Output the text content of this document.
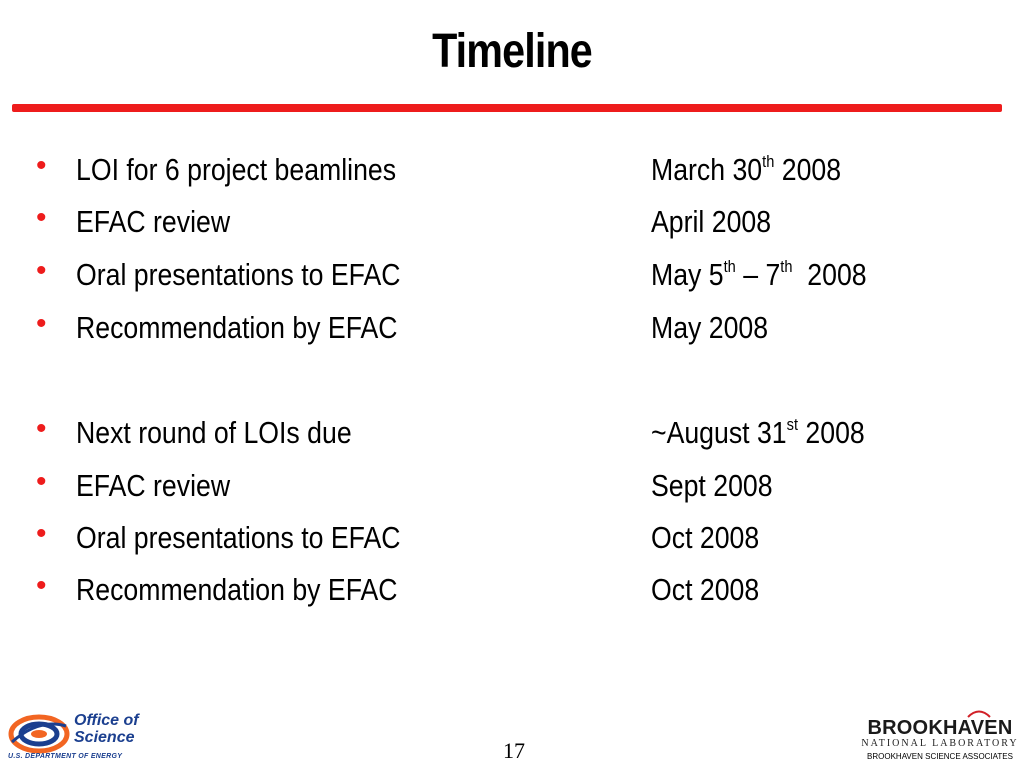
Timeline
• LOI for 6 project beamlines	March 30th 2008
• EFAC review	April 2008
• Oral presentations to EFAC	May 5th – 7th  2008
• Recommendation by EFAC	May 2008
• Next round of LOIs due	~August 31st 2008
• EFAC review	Sept 2008
• Oral presentations to EFAC	Oct 2008
• Recommendation by EFAC	Oct 2008
Office of
Science
U.S. DEPARTMENT OF ENERGY	17
BROOKHAVEN
NATIONAL LABORATORY
BROOKHAVEN SCIENCE ASSOCIATES
